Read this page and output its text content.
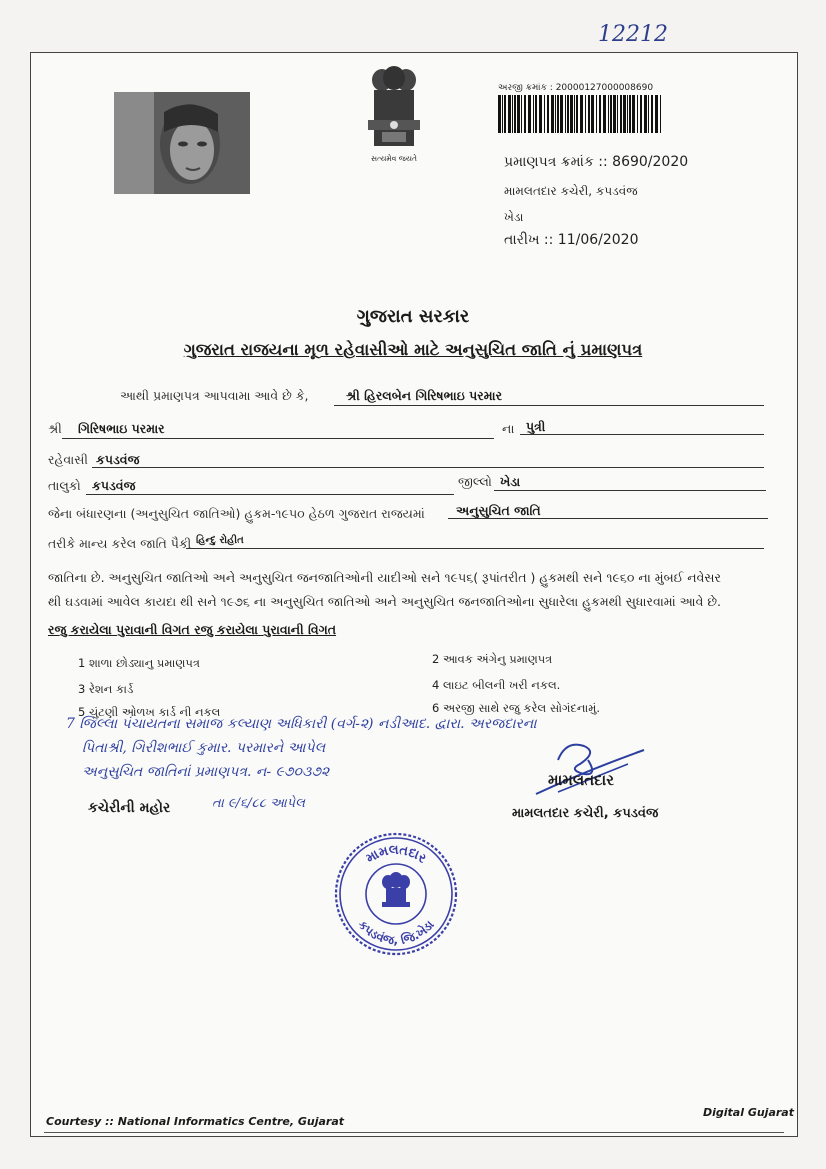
12212
સત્યમેવ જયતે
અરજી ક્રમાંક : 20000127000008690
પ્રમાણપત્ર ક્રમાંક :: 8690/2020
મામલતદાર કચેરી, કપડવંજ
ખેડા
તારીખ :: 11/06/2020
ગુજરાત સરકાર
ગુજરાત રાજયના મૂળ રહેવાસીઓ માટે અનુસુચિત જાતિ નું પ્રમાણપત્ર
આથી પ્રમાણપત્ર આપવામા આવે છે કે,	શ્રી હિરલબેન ગિરિષભાઇ પરમાર
શ્રી ગિરિષભાઇ પરમાર	ના પુત્રી
રહેવાસી કપડવંજ
તાલુકો કપડવંજ	જીલ્લો ખેડા
જેના બંધારણના (અનુસુચિત જાતિઓ) હુકમ-૧૯૫૦ હેઠળ ગુજરાત રાજયમાં અનુસુચિત જાતિ
તરીકે માન્ય કરેલ જાતિ પૈકી હિન્દુ રોહીત
જાતિના છે. અનુસુચિત જાતિઓ અને અનુસુચિત જનજાતિઓની યાદીઓ સને ૧૯૫૬( રૂપાંતરીત ) હુકમથી સને ૧૯૬૦ ના મુંબઈ નવેસર
થી ઘડવામાં આવેલ કાયદા થી સને ૧૯૭૬ ના અનુસુચિત જાતિઓ અને અનુસુચિત જનજાતિઓના સુધારેલા હુકમથી સુધારવામાં આવે છે.
રજુ કરાયેલા પુરાવાની વિગત રજુ કરાયેલા પુરાવાની વિગત
1 શાળા છોડ્યાનુ પ્રમાણપત્ર	2 આવક અંગેનુ પ્રમાણપત્ર
3 રેશન કાર્ડ	4 લાઇટ બીલની ખરી નકલ.
5 ચુંટણી ઓળખ કાર્ડ ની નકલ	6 અરજી સાથે રજુ કરેલ સોગંદનામું.
7 જિલ્લા પંચાયતના સમાજ કલ્યાણ અધિકારી (વર્ગ-૨) નડીઆદ. દ્વારા. અરજદારના
પિતાશ્રી, ગિરીશભાઈ કુમાર. પરમારને આપેલ
અનુસુચિત જાતિનાં પ્રમાણપત્ર. ન- ૯૭૦૩૭૨
તા ૯/૬/૮૮ આપેલ
કચેરીની મહોર
મામલતદાર
મામલતદાર કચેરી, કપડવંજ
મામલતદાર
કપડવંજ, જિ.ખેડા
Courtesy :: National Informatics Centre, Gujarat
Digital Gujarat
